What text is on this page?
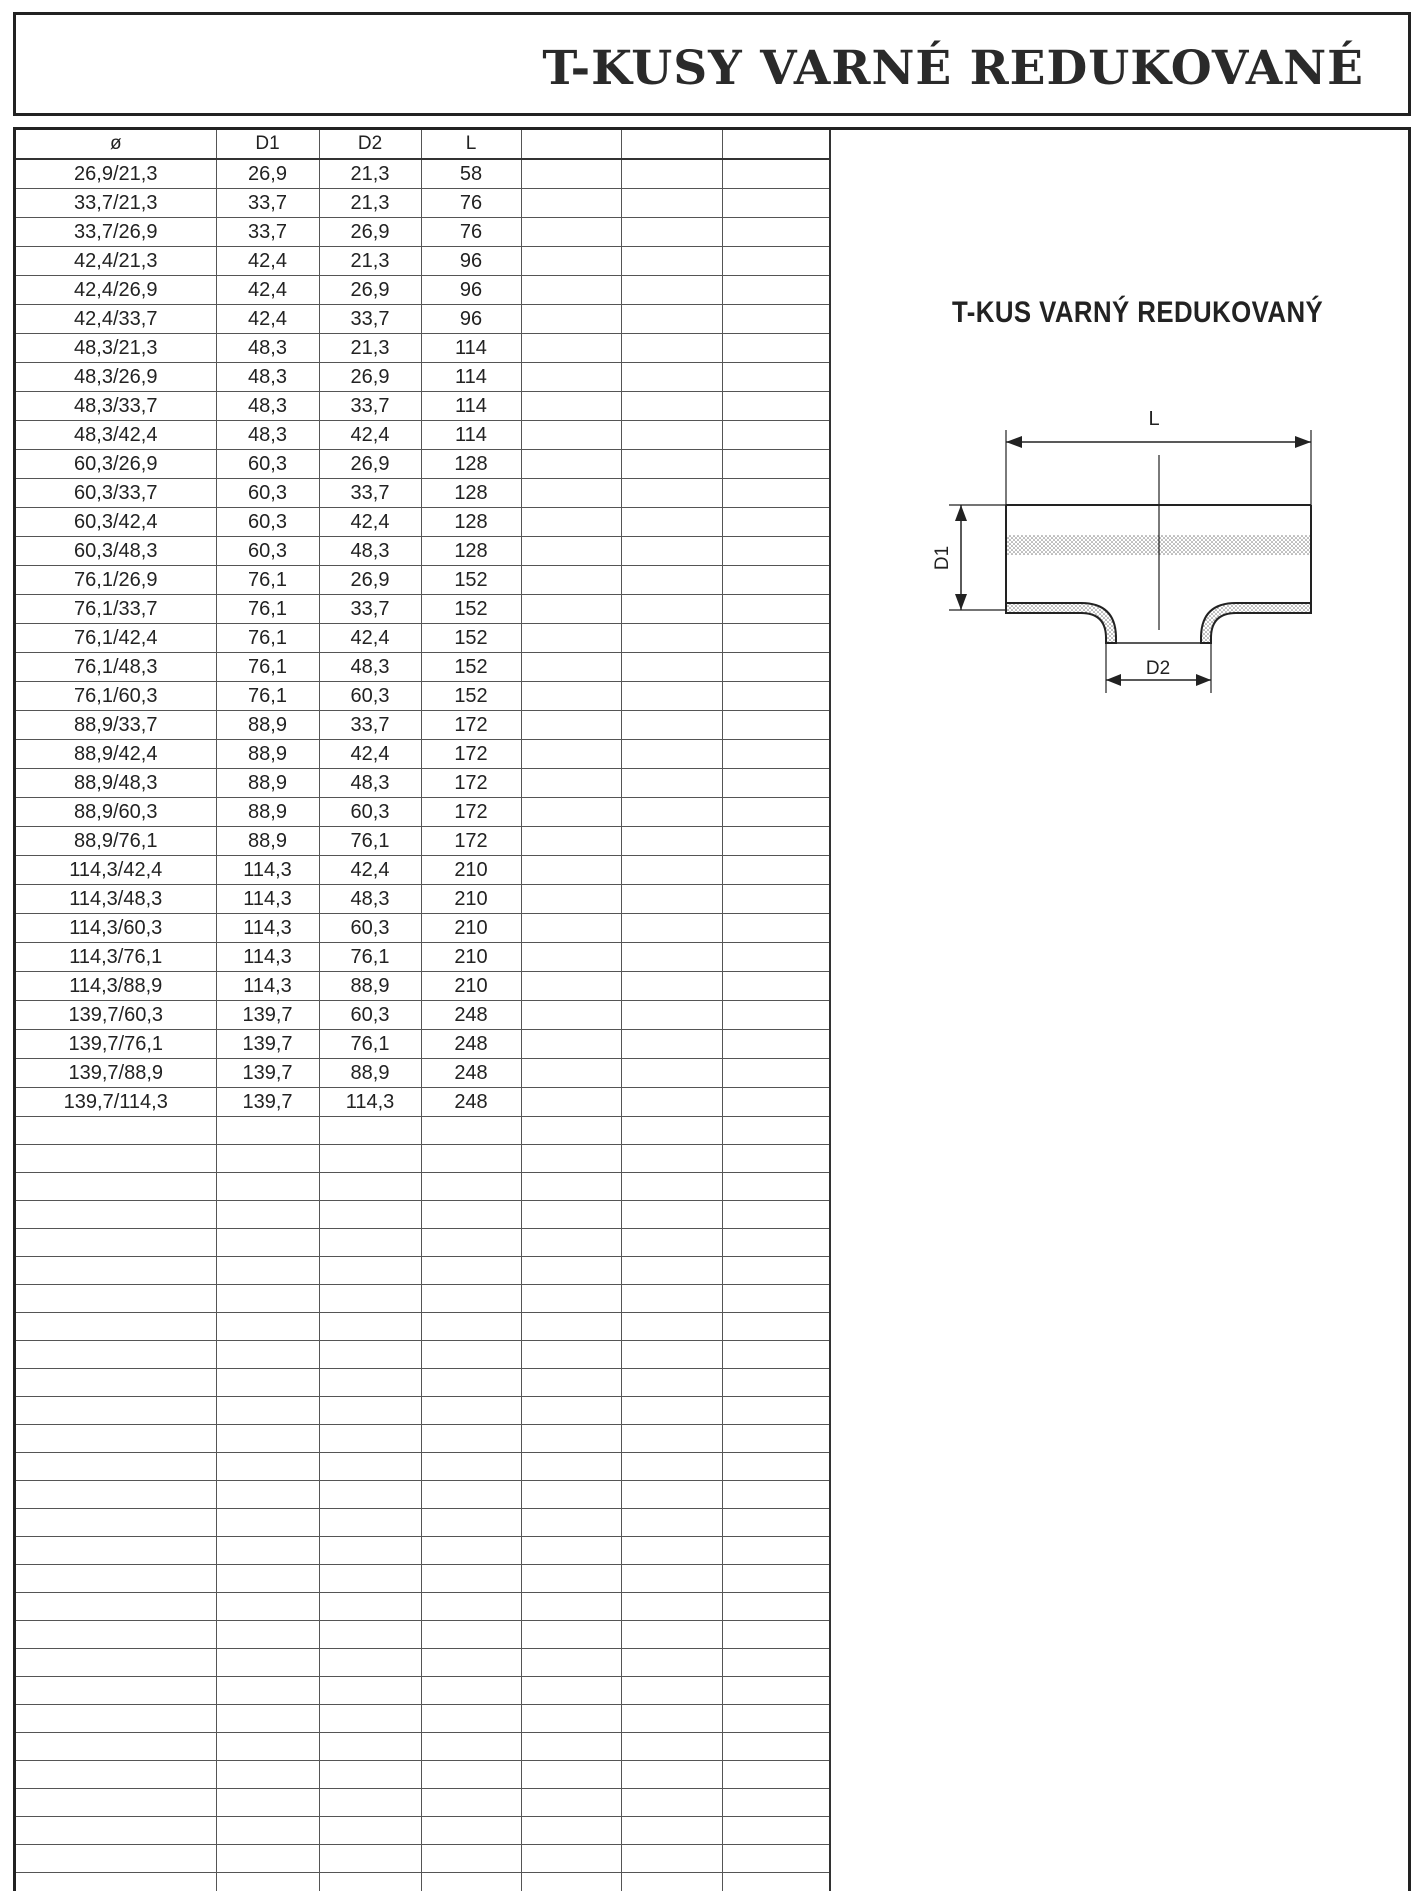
T-KUSY VARNÉ REDUKOVANÉ
ø	D1	D2	L			
26,9/21,3	26,9	21,3	58			
33,7/21,3	33,7	21,3	76			
33,7/26,9	33,7	26,9	76			
42,4/21,3	42,4	21,3	96			
42,4/26,9	42,4	26,9	96			
42,4/33,7	42,4	33,7	96			
48,3/21,3	48,3	21,3	114			
48,3/26,9	48,3	26,9	114			
48,3/33,7	48,3	33,7	114			
48,3/42,4	48,3	42,4	114			
60,3/26,9	60,3	26,9	128			
60,3/33,7	60,3	33,7	128			
60,3/42,4	60,3	42,4	128			
60,3/48,3	60,3	48,3	128			
76,1/26,9	76,1	26,9	152			
76,1/33,7	76,1	33,7	152			
76,1/42,4	76,1	42,4	152			
76,1/48,3	76,1	48,3	152			
76,1/60,3	76,1	60,3	152			
88,9/33,7	88,9	33,7	172			
88,9/42,4	88,9	42,4	172			
88,9/48,3	88,9	48,3	172			
88,9/60,3	88,9	60,3	172			
88,9/76,1	88,9	76,1	172			
114,3/42,4	114,3	42,4	210			
114,3/48,3	114,3	48,3	210			
114,3/60,3	114,3	60,3	210			
114,3/76,1	114,3	76,1	210			
114,3/88,9	114,3	88,9	210			
139,7/60,3	139,7	60,3	248			
139,7/76,1	139,7	76,1	248			
139,7/88,9	139,7	88,9	248			
139,7/114,3	139,7	114,3	248			

T-KUS VARNÝ REDUKOVANÝ
L
D1
D2
